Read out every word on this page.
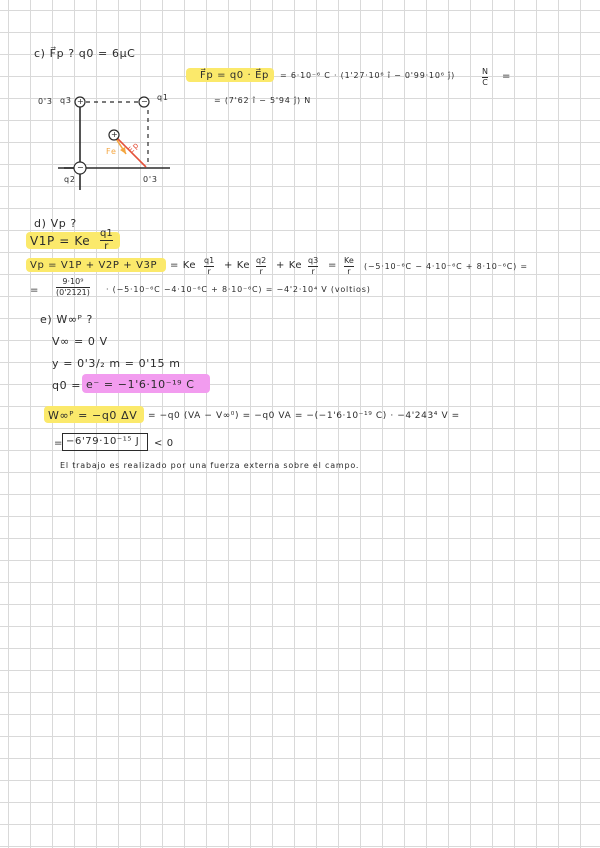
c) F⃗p ? q0 = 6μC
F⃗p = q0 · E⃗p = 6·10⁻⁶ C · (1'27·10⁶ î − 0'99·10⁶ ĵ)	N
C
=
= (7'62 î − 5'94 ĵ) N
+	−
−
+
q3
0'3	q1
q2	0'3
Fe Ep
d) Vp ?
V1P = Ke
q1
r
Vp = V1P + V2P + V3P = Ke q1
r
+ Ke q2
r
+ Ke q3
r
= Ke
r
(−5·10⁻⁶C − 4·10⁻⁶C + 8·10⁻⁶C) =
=
9·10⁹
(0'2121) · (−5·10⁻⁶C −4·10⁻⁶C + 8·10⁻⁶C) = −4'2·10⁴ V (voltios)
e) W∞ᴾ ?
V∞ = 0 V
y = 0'3/₂ m = 0'15 m
q0 = e⁻ = −1'6·10⁻¹⁹ C
W∞ᴾ = −q0 ΔV = −q0 (VA − V∞⁰) = −q0 VA = −(−1'6·10⁻¹⁹ C) · −4'243⁴ V =
= −6'79·10⁻¹⁵ J < 0
El trabajo es realizado por una fuerza externa sobre el campo.
